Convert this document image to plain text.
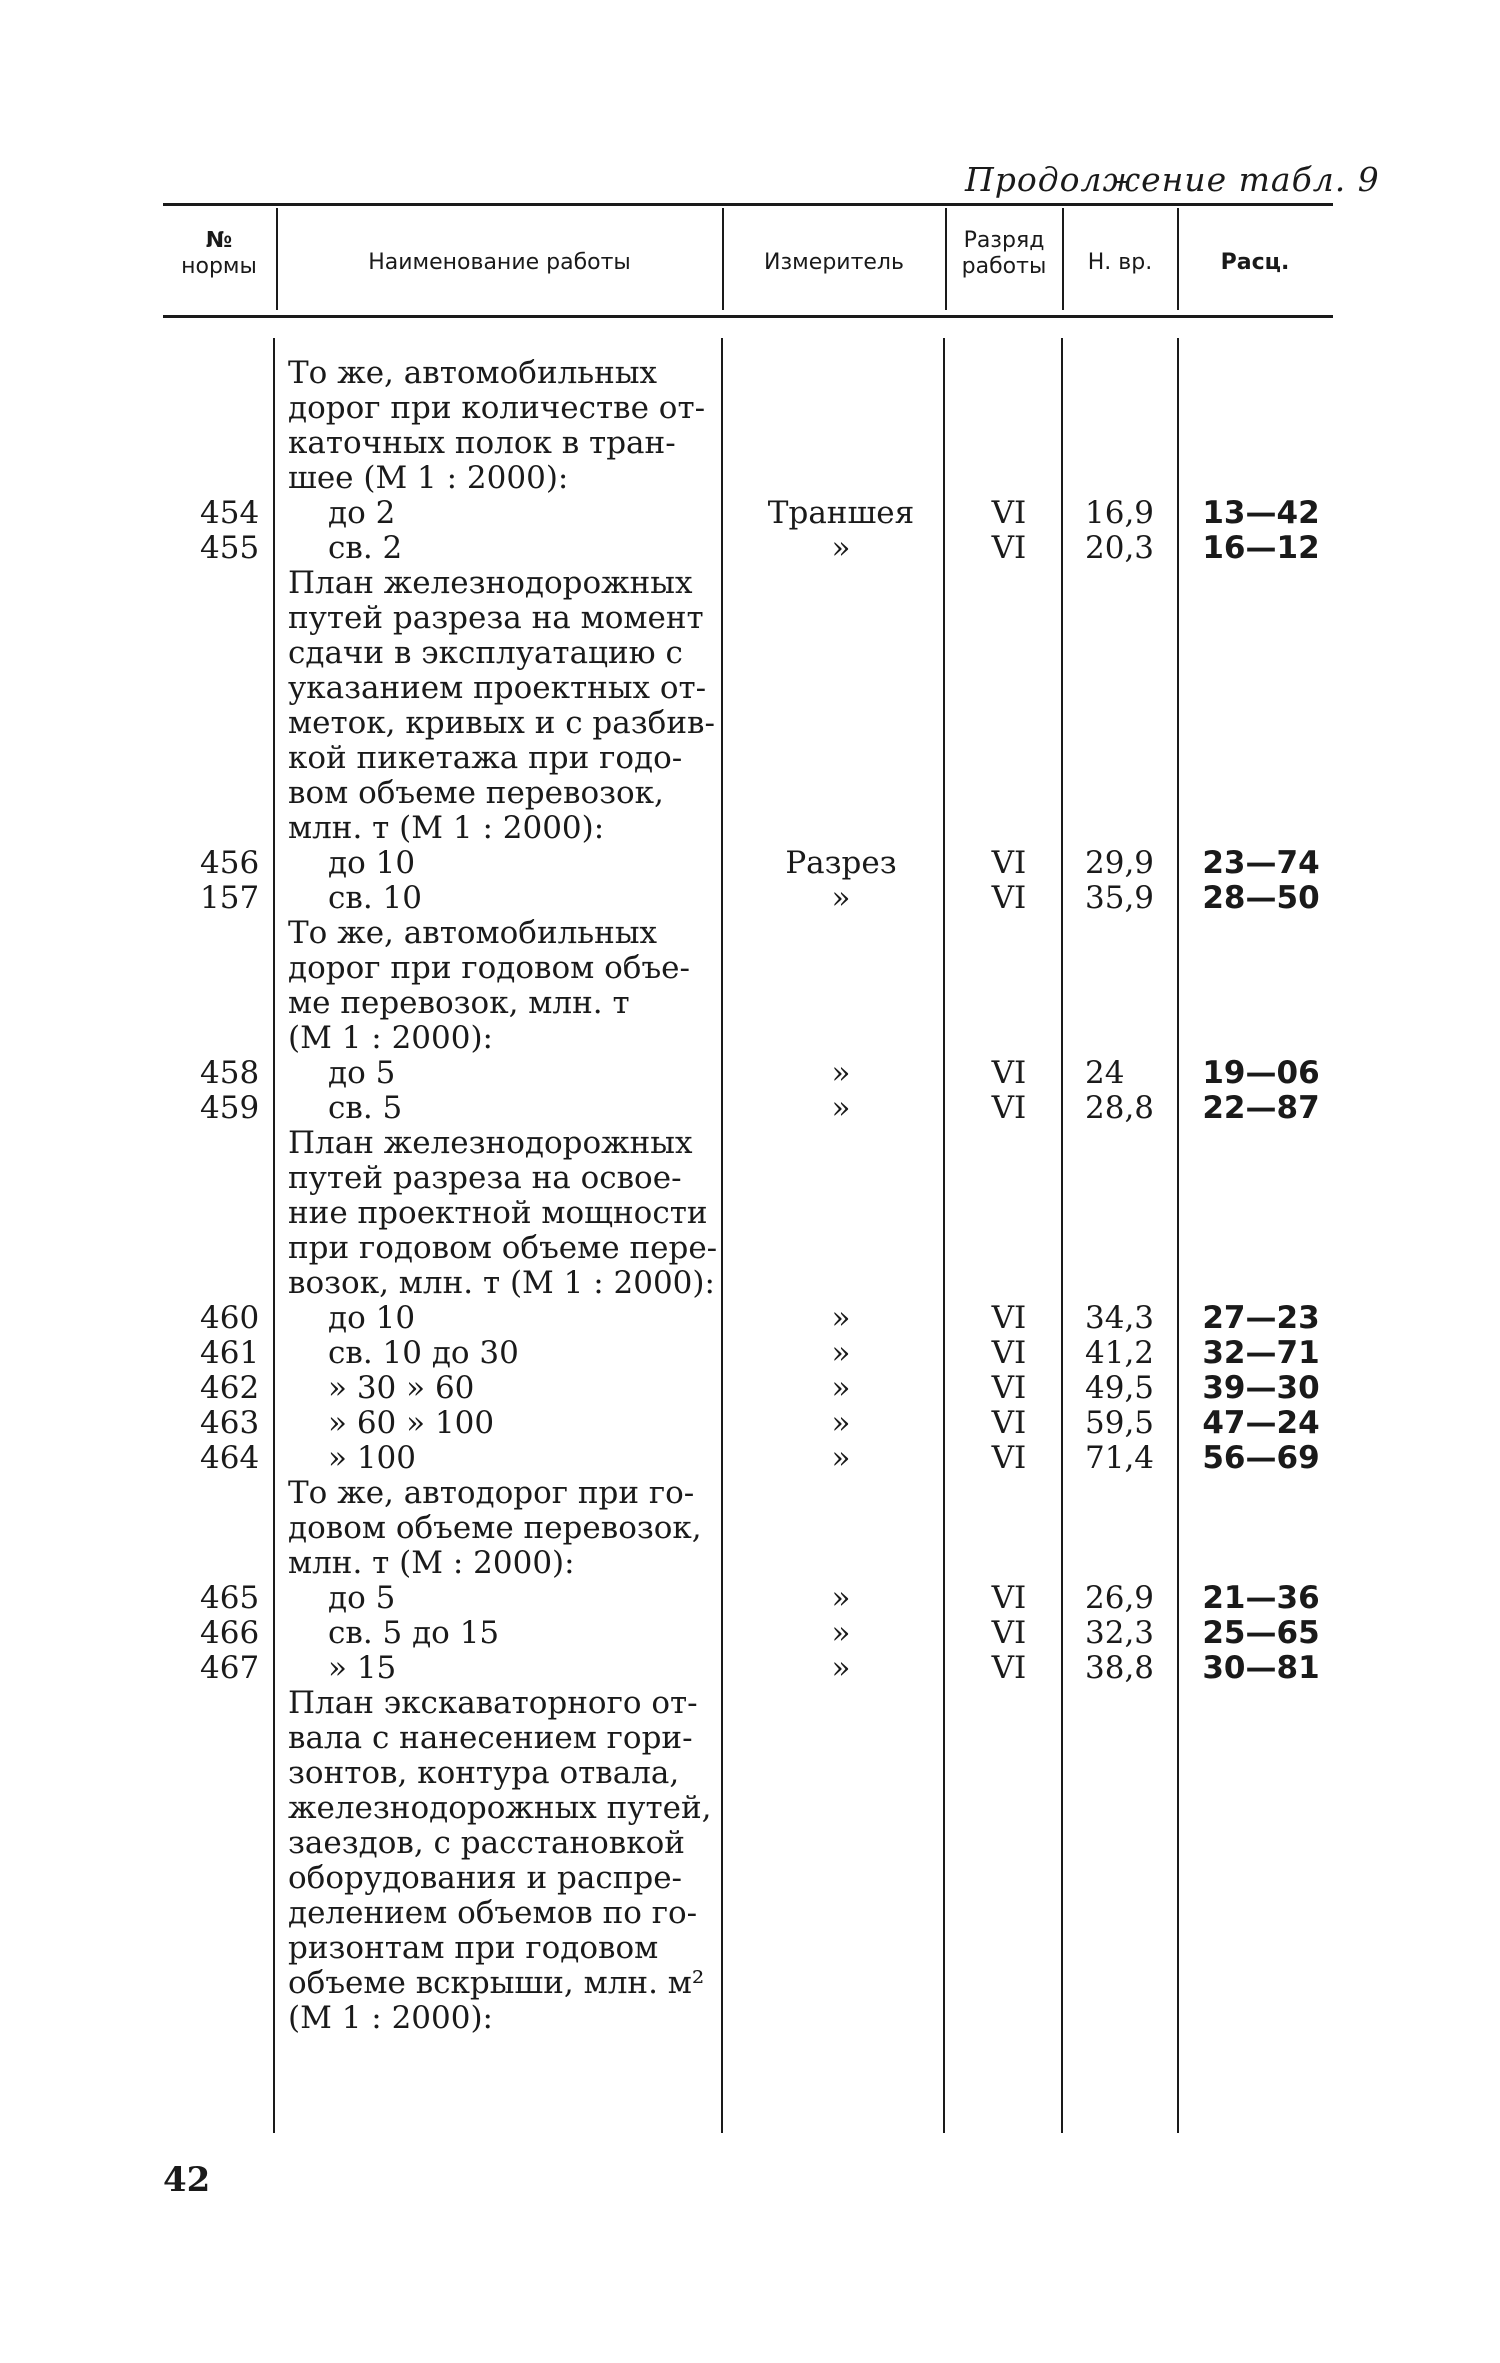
Продолжение табл. 9
№
нормы	Наименование работы	Измеритель
Разряд
работы	Н. вр.	Расц.
То же, автомобильных
дорог при количестве от-
каточных полок в тран-
шее (М 1 : 2000):
454 до 2	Траншея	VI	16,9	13—42
455 св. 2	»	VI	20,3	16—12
План железнодорожных
путей разреза на момент
сдачи в эксплуатацию с
указанием проектных от-
меток, кривых и с разбив-
кой пикетажа при годо-
вом объеме перевозок,
млн. т (М 1 : 2000):
456 до 10	Разрез	VI	29,9	23—74
157 св. 10	»	VI	35,9	28—50
То же, автомобильных
дорог при годовом объе-
ме перевозок, млн. т
(М 1 : 2000):
458 до 5	»	VI	24	19—06
459 св. 5	»	VI	28,8	22—87
План железнодорожных
путей разреза на освое-
ние проектной мощности
при годовом объеме пере-
возок, млн. т (М 1 : 2000):
460 до 10	»	VI	34,3	27—23
461 св. 10 до 30	»	VI	41,2	32—71
462 » 30 » 60	»	VI	49,5	39—30
463 » 60 » 100	»	VI	59,5	47—24
464 » 100	»	VI	71,4	56—69
То же, автодорог при го-
довом объеме перевозок,
млн. т (М : 2000):
465 до 5	»	VI	26,9	21—36
466 св. 5 до 15	»	VI	32,3	25—65
467 » 15	»	VI	38,8	30—81
План экскаваторного от-
вала с нанесением гори-
зонтов, контура отвала,
железнодорожных путей,
заездов, с расстановкой
оборудования и распре-
делением объемов по го-
ризонтам при годовом
объеме вскрыши, млн. м²
(М 1 : 2000):
42
